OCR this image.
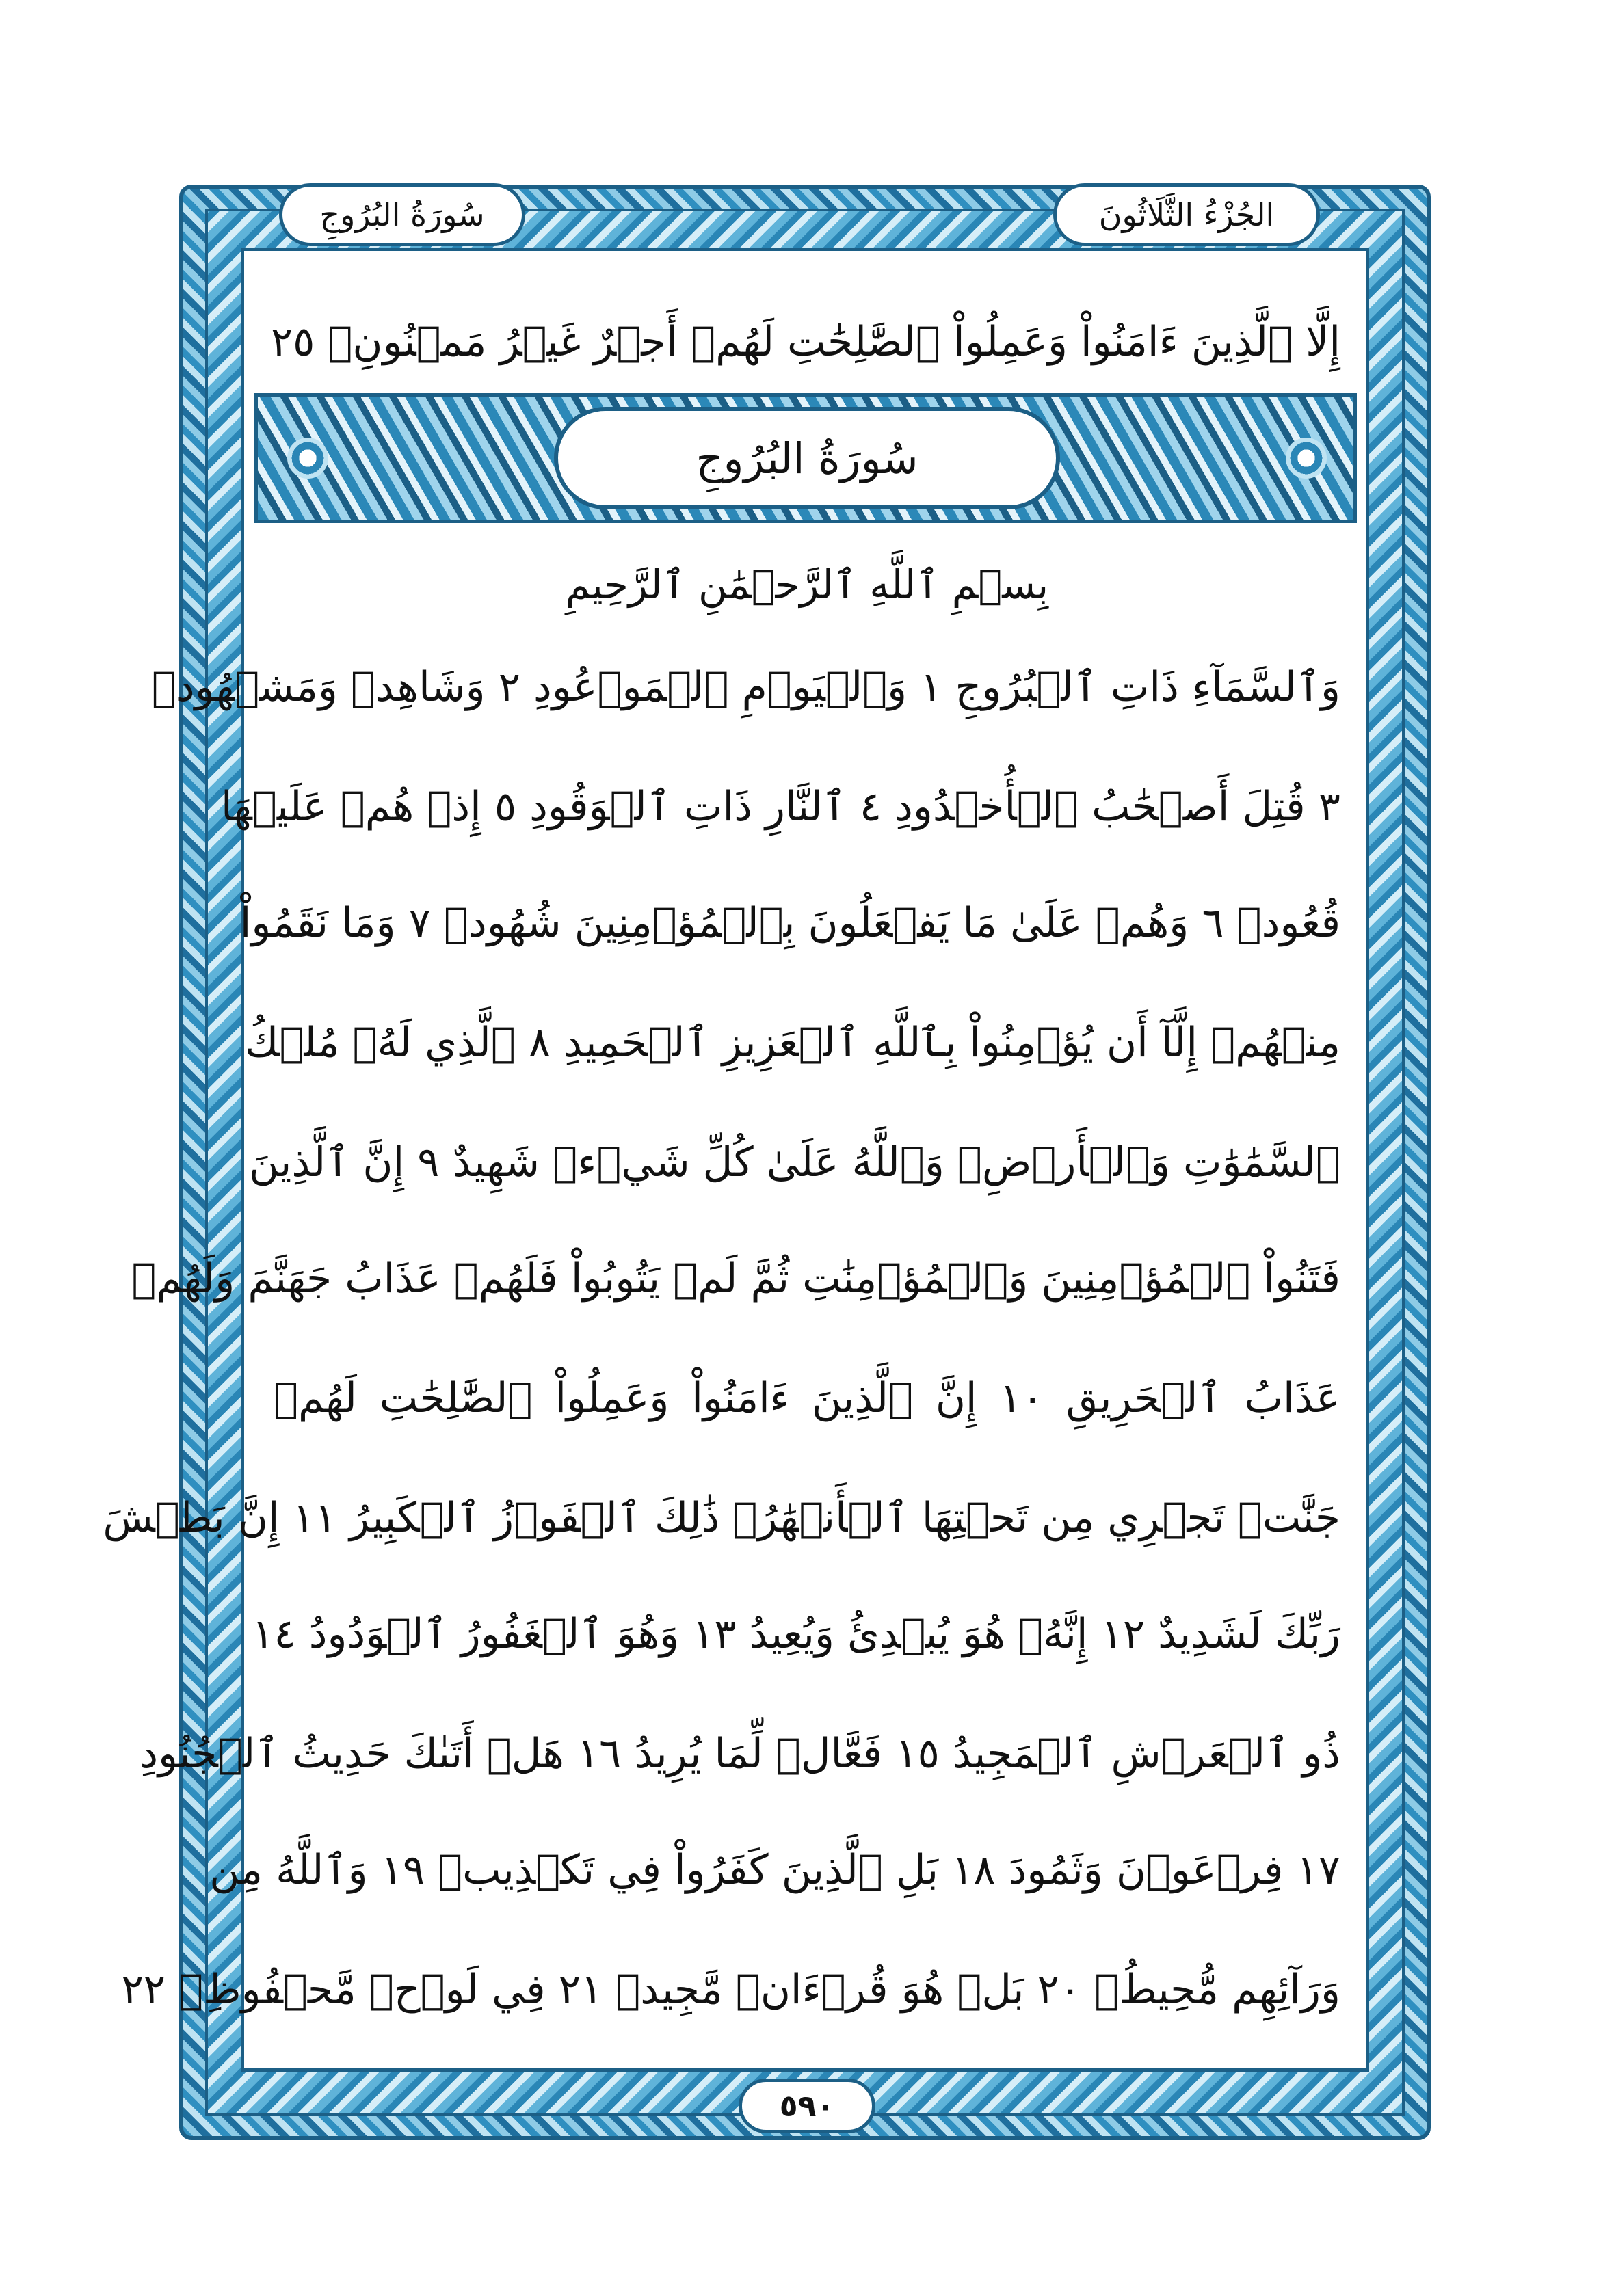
سُورَةُ البُرُوجِ	الجُزْءُ الثَّلَاثُونَ
إِلَّا ٱلَّذِينَ ءَامَنُواْ وَعَمِلُواْ ٱلصَّٰلِحَٰتِ لَهُمۡ أَجۡرٌ غَيۡرُ مَمۡنُونِۭ ٢٥
سُورَةُ البُرُوجِ
بِسۡمِ ٱللَّهِ ٱلرَّحۡمَٰنِ ٱلرَّحِيمِ
وَٱلسَّمَآءِ ذَاتِ ٱلۡبُرُوجِ ١ وَٱلۡيَوۡمِ ٱلۡمَوۡعُودِ ٢ وَشَاهِدٖ وَمَشۡهُودٖ
٣ قُتِلَ أَصۡحَٰبُ ٱلۡأُخۡدُودِ ٤ ٱلنَّارِ ذَاتِ ٱلۡوَقُودِ ٥ إِذۡ هُمۡ عَلَيۡهَا
قُعُودٞ ٦ وَهُمۡ عَلَىٰ مَا يَفۡعَلُونَ بِٱلۡمُؤۡمِنِينَ شُهُودٞ ٧ وَمَا نَقَمُواْ
مِنۡهُمۡ إِلَّآ أَن يُؤۡمِنُواْ بِٱللَّهِ ٱلۡعَزِيزِ ٱلۡحَمِيدِ ٨ ٱلَّذِي لَهُۥ مُلۡكُ
ٱلسَّمَٰوَٰتِ وَٱلۡأَرۡضِۚ وَٱللَّهُ عَلَىٰ كُلِّ شَيۡءٖ شَهِيدٌ ٩ إِنَّ ٱلَّذِينَ
فَتَنُواْ ٱلۡمُؤۡمِنِينَ وَٱلۡمُؤۡمِنَٰتِ ثُمَّ لَمۡ يَتُوبُواْ فَلَهُمۡ عَذَابُ جَهَنَّمَ وَلَهُمۡ
عَذَابُ ٱلۡحَرِيقِ ١٠ إِنَّ ٱلَّذِينَ ءَامَنُواْ وَعَمِلُواْ ٱلصَّٰلِحَٰتِ لَهُمۡ
جَنَّٰتٞ تَجۡرِي مِن تَحۡتِهَا ٱلۡأَنۡهَٰرُۚ ذَٰلِكَ ٱلۡفَوۡزُ ٱلۡكَبِيرُ ١١ إِنَّ بَطۡشَ
رَبِّكَ لَشَدِيدٌ ١٢ إِنَّهُۥ هُوَ يُبۡدِئُ وَيُعِيدُ ١٣ وَهُوَ ٱلۡغَفُورُ ٱلۡوَدُودُ ١٤
ذُو ٱلۡعَرۡشِ ٱلۡمَجِيدُ ١٥ فَعَّالٞ لِّمَا يُرِيدُ ١٦ هَلۡ أَتَىٰكَ حَدِيثُ ٱلۡجُنُودِ
١٧ فِرۡعَوۡنَ وَثَمُودَ ١٨ بَلِ ٱلَّذِينَ كَفَرُواْ فِي تَكۡذِيبٖ ١٩ وَٱللَّهُ مِن
وَرَآئِهِم مُّحِيطُۢ ٢٠ بَلۡ هُوَ قُرۡءَانٞ مَّجِيدٞ ٢١ فِي لَوۡحٖ مَّحۡفُوظِۭ ٢٢
٥٩٠
